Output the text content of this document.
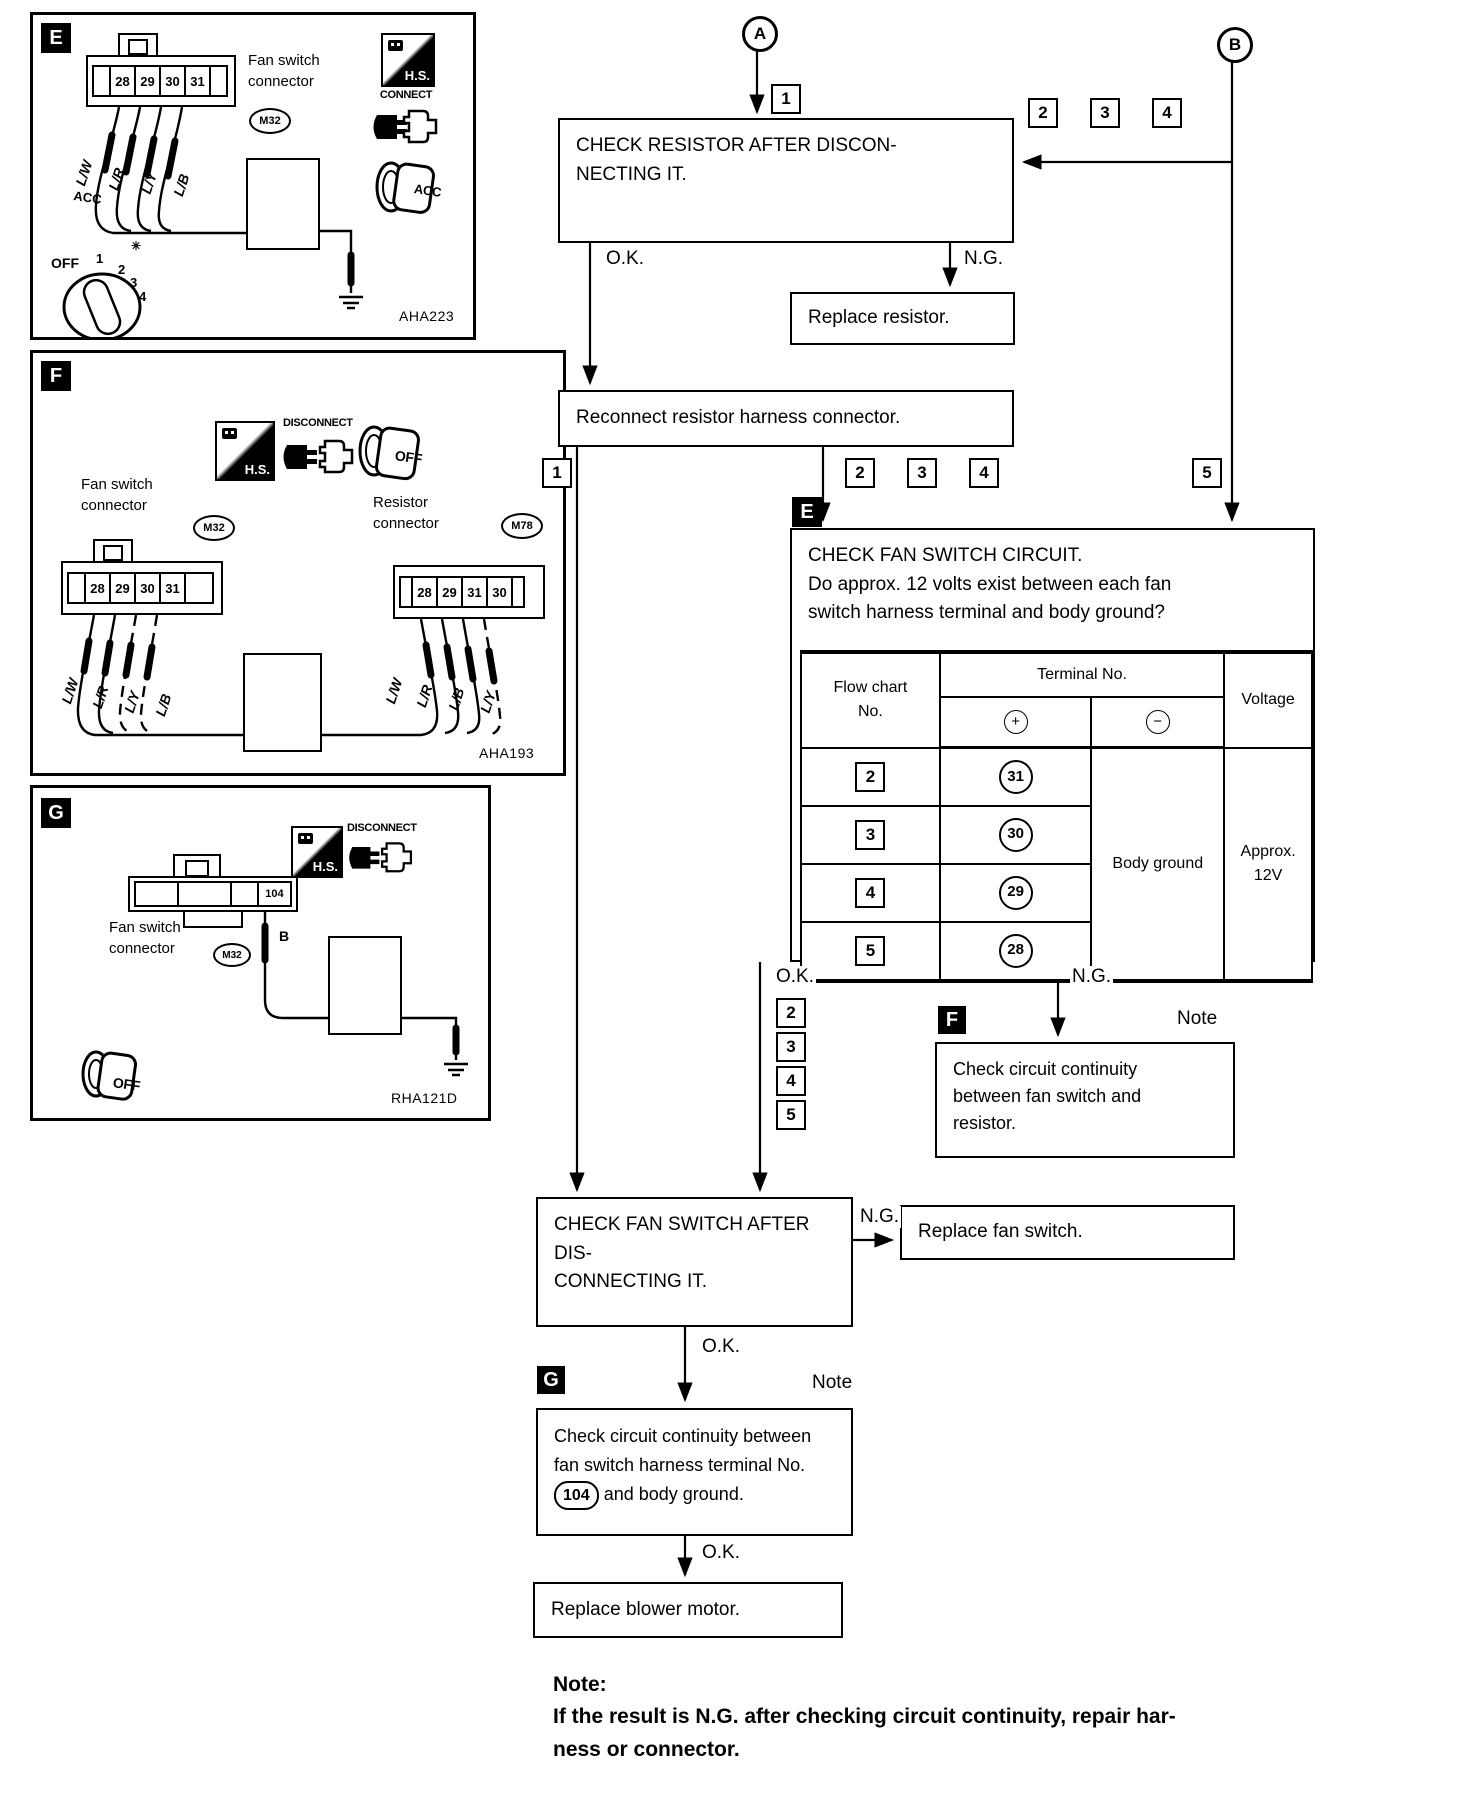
A
B
1
2	3	4
CHECK RESISTOR AFTER DISCON-
NECTING IT.
O.K.	N.G.
Replace resistor.
Reconnect resistor harness connector.
1	2	3	4	5
E
CHECK FAN SWITCH CIRCUIT.
Do approx. 12 volts exist between each fan
switch harness terminal and body ground?
Flow chart
No.	Terminal No.		Voltage

	+	−	

2	31	Body ground	Approx.
12V

3	30		

4	29		

5	28		
O.K.	N.G.
2
3
4
5
F	Note
Check circuit continuity
between fan switch and
resistor.
CHECK FAN SWITCH AFTER DIS-
CONNECTING IT.
N.G.
Replace fan switch.
O.K.
G	Note
Check circuit continuity between fan switch harness terminal No. 104 and body ground.
O.K.
Replace blower motor.
Note:
If the result is N.G. after checking circuit continuity, repair har-
ness or connector.
ACC
E
28 29 30 31
Fan switch
connector
M32
L/W L/R L/Y L/B
OFF 1
2
3
4
✳
H.S.
CONNECT
ACC
AHA223
F
H.S.
DISCONNECT
OFF
Fan switch
connector
M32
28 29 30 31
L/W L/R L/Y L/B
Resistor
connector	M78
28 29 31 30
L/W L/R L/B L/Y
AHA193
G
H.S.
DISCONNECT
OFF
104
Fan switch
connector	M32
B
RHA121D
